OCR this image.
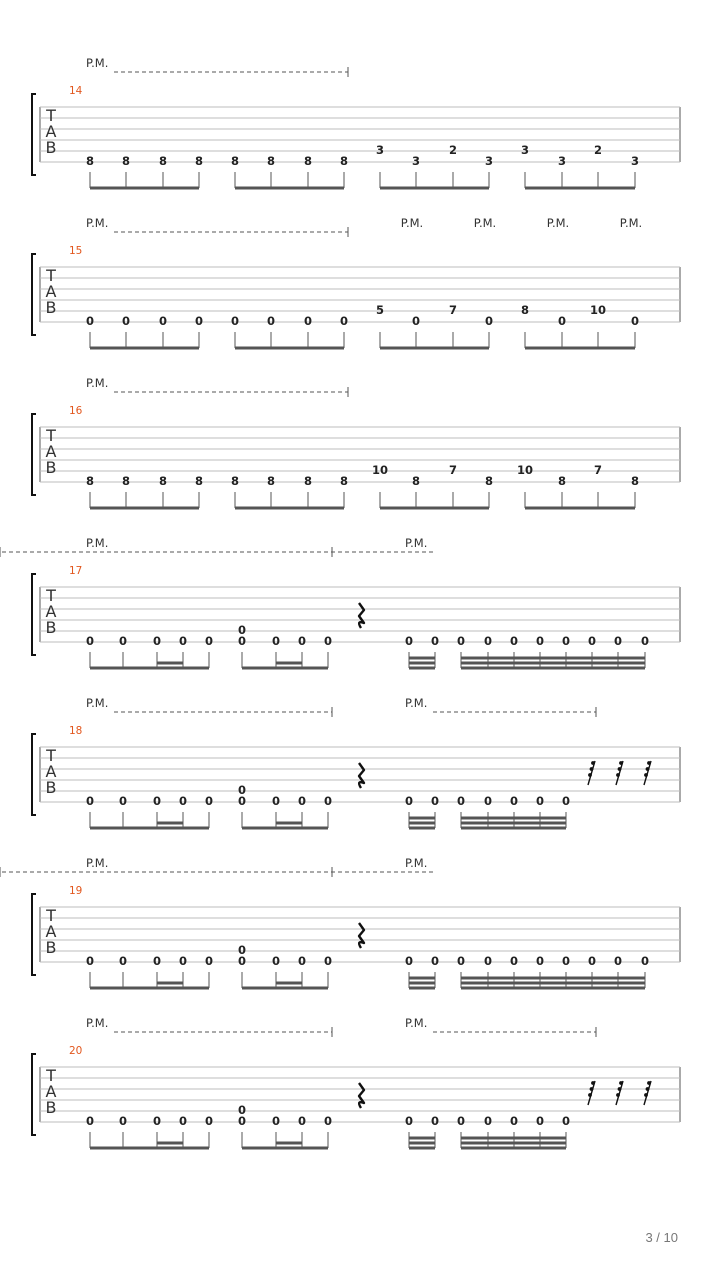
T
A
B
14
P.M.
8 8	8 8 8 8	8 8
3
3
2
3
3
3
2
3
T
A
B
15
P.M.	P.M.	P.M.	P.M.	P.M.
0 0	0 0 0 0	0 0
5
0
7
0
8
0
10
0
T
A
B
16
P.M.
8 8	8 8 8 8	8 8
10
8
7
8
10
8
7
8
T
A
B
17
P.M.	P.M.
0 0 0 0 0 0
0
0 0 0	0 0 0 0 0 0 0 0 0 0
T
A
B
18
P.M.	P.M.
0 0 0 0 0 0
0
0 0 0	0 0 0 0 0 0 0
T
A
B
19
P.M.	P.M.
0 0 0 0 0 0
0
0 0 0	0 0 0 0 0 0 0 0 0 0
T
A
B
20
P.M.	P.M.
0 0 0 0 0 0
0
0 0 0	0 0 0 0 0 0 0
3 / 10
